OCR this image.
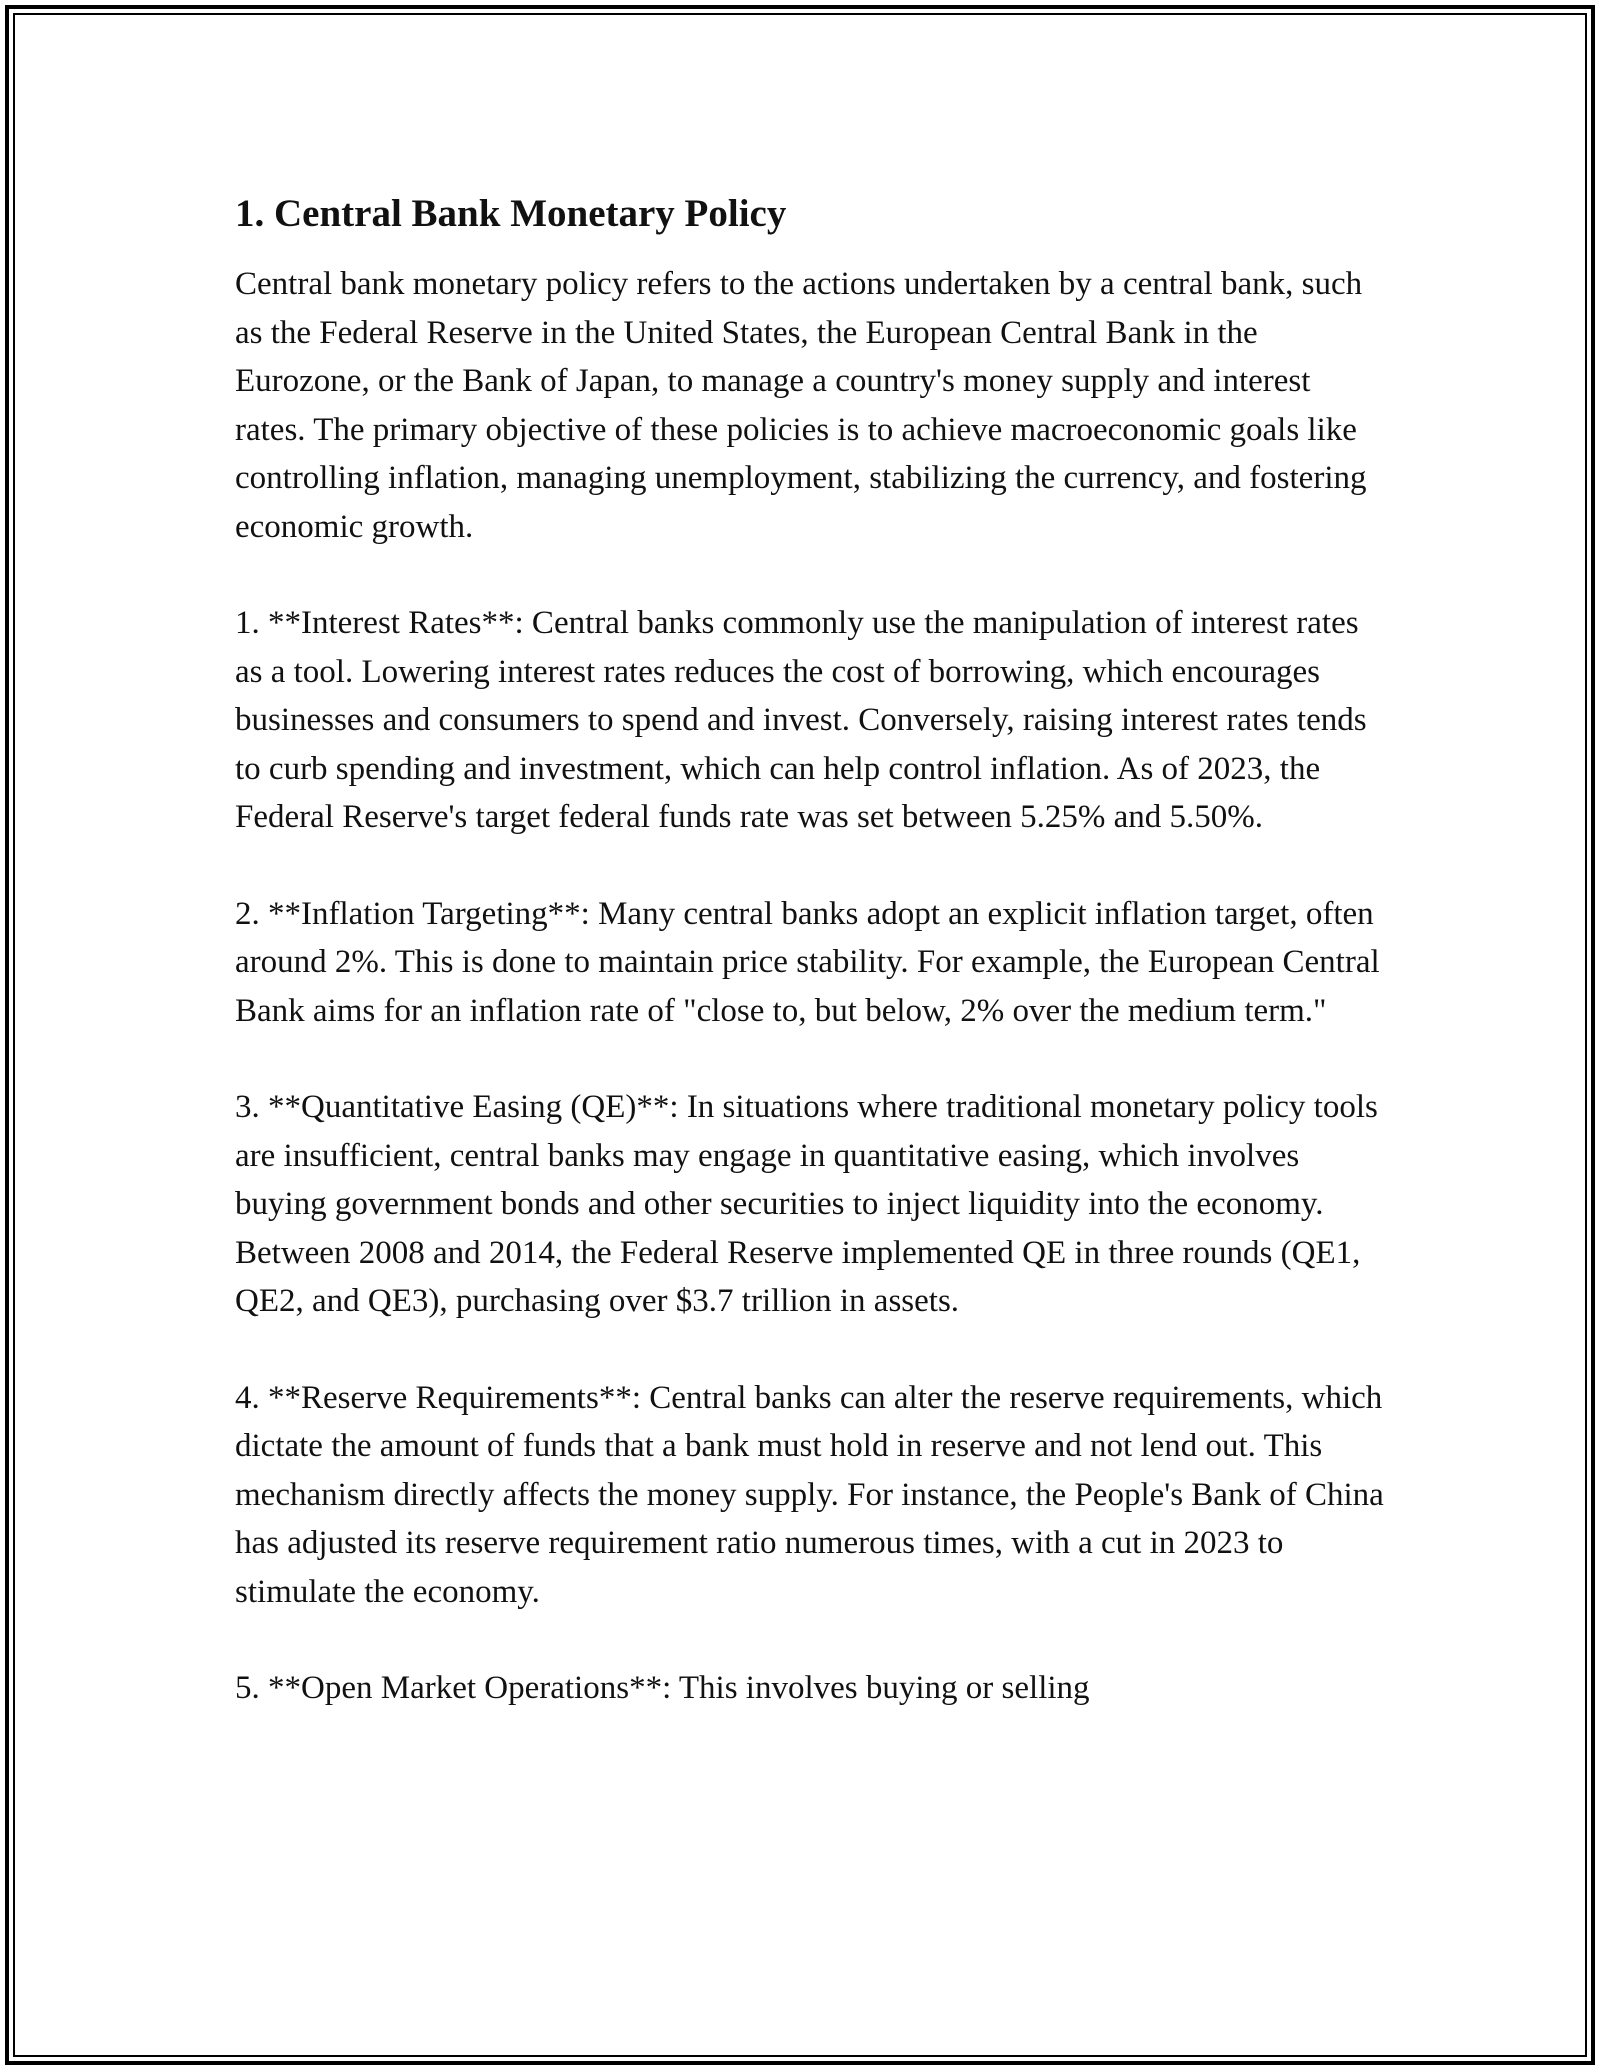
1. Central Bank Monetary Policy

Central bank monetary policy refers to the actions undertaken by a central bank, such as the Federal Reserve in the United States, the European Central Bank in the Eurozone, or the Bank of Japan, to manage a country's money supply and interest rates. The primary objective of these policies is to achieve macroeconomic goals like controlling inflation, managing unemployment, stabilizing the currency, and fostering economic growth.

1. **Interest Rates**: Central banks commonly use the manipulation of interest rates as a tool. Lowering interest rates reduces the cost of borrowing, which encourages businesses and consumers to spend and invest. Conversely, raising interest rates tends to curb spending and investment, which can help control inflation. As of 2023, the Federal Reserve's target federal funds rate was set between 5.25% and 5.50%.

2. **Inflation Targeting**: Many central banks adopt an explicit inflation target, often around 2%. This is done to maintain price stability. For example, the European Central Bank aims for an inflation rate of "close to, but below, 2% over the medium term."

3. **Quantitative Easing (QE)**: In situations where traditional monetary policy tools are insufficient, central banks may engage in quantitative easing, which involves buying government bonds and other securities to inject liquidity into the economy. Between 2008 and 2014, the Federal Reserve implemented QE in three rounds (QE1, QE2, and QE3), purchasing over $3.7 trillion in assets.

4. **Reserve Requirements**: Central banks can alter the reserve requirements, which dictate the amount of funds that a bank must hold in reserve and not lend out. This mechanism directly affects the money supply. For instance, the People's Bank of China has adjusted its reserve requirement ratio numerous times, with a cut in 2023 to stimulate the economy.

5. **Open Market Operations**: This involves buying or selling
